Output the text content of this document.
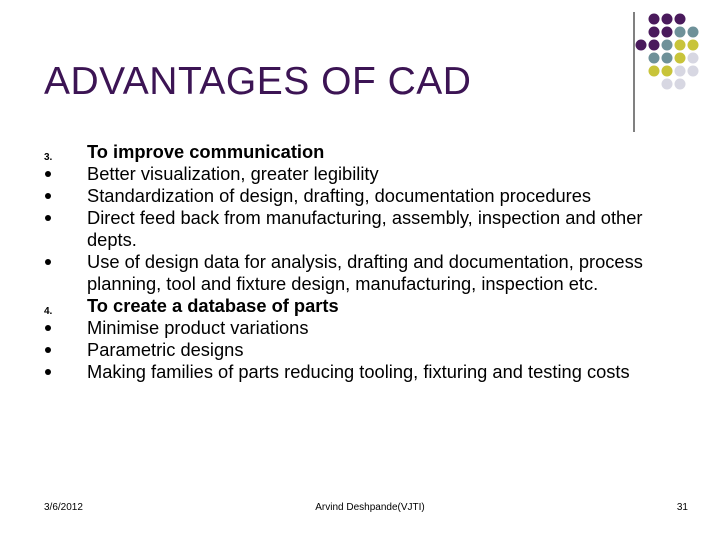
ADVANTAGES OF CAD
3.	To improve communication
Better visualization, greater legibility
Standardization of design, drafting, documentation procedures
Direct feed back from manufacturing, assembly, inspection and other depts.
Use of design data for analysis, drafting and documentation, process planning, tool and fixture design, manufacturing, inspection etc.
4.	To create a database of parts
Minimise product variations
Parametric designs
Making families of parts reducing tooling, fixturing and testing costs
3/6/2012	Arvind Deshpande(VJTI)	31
